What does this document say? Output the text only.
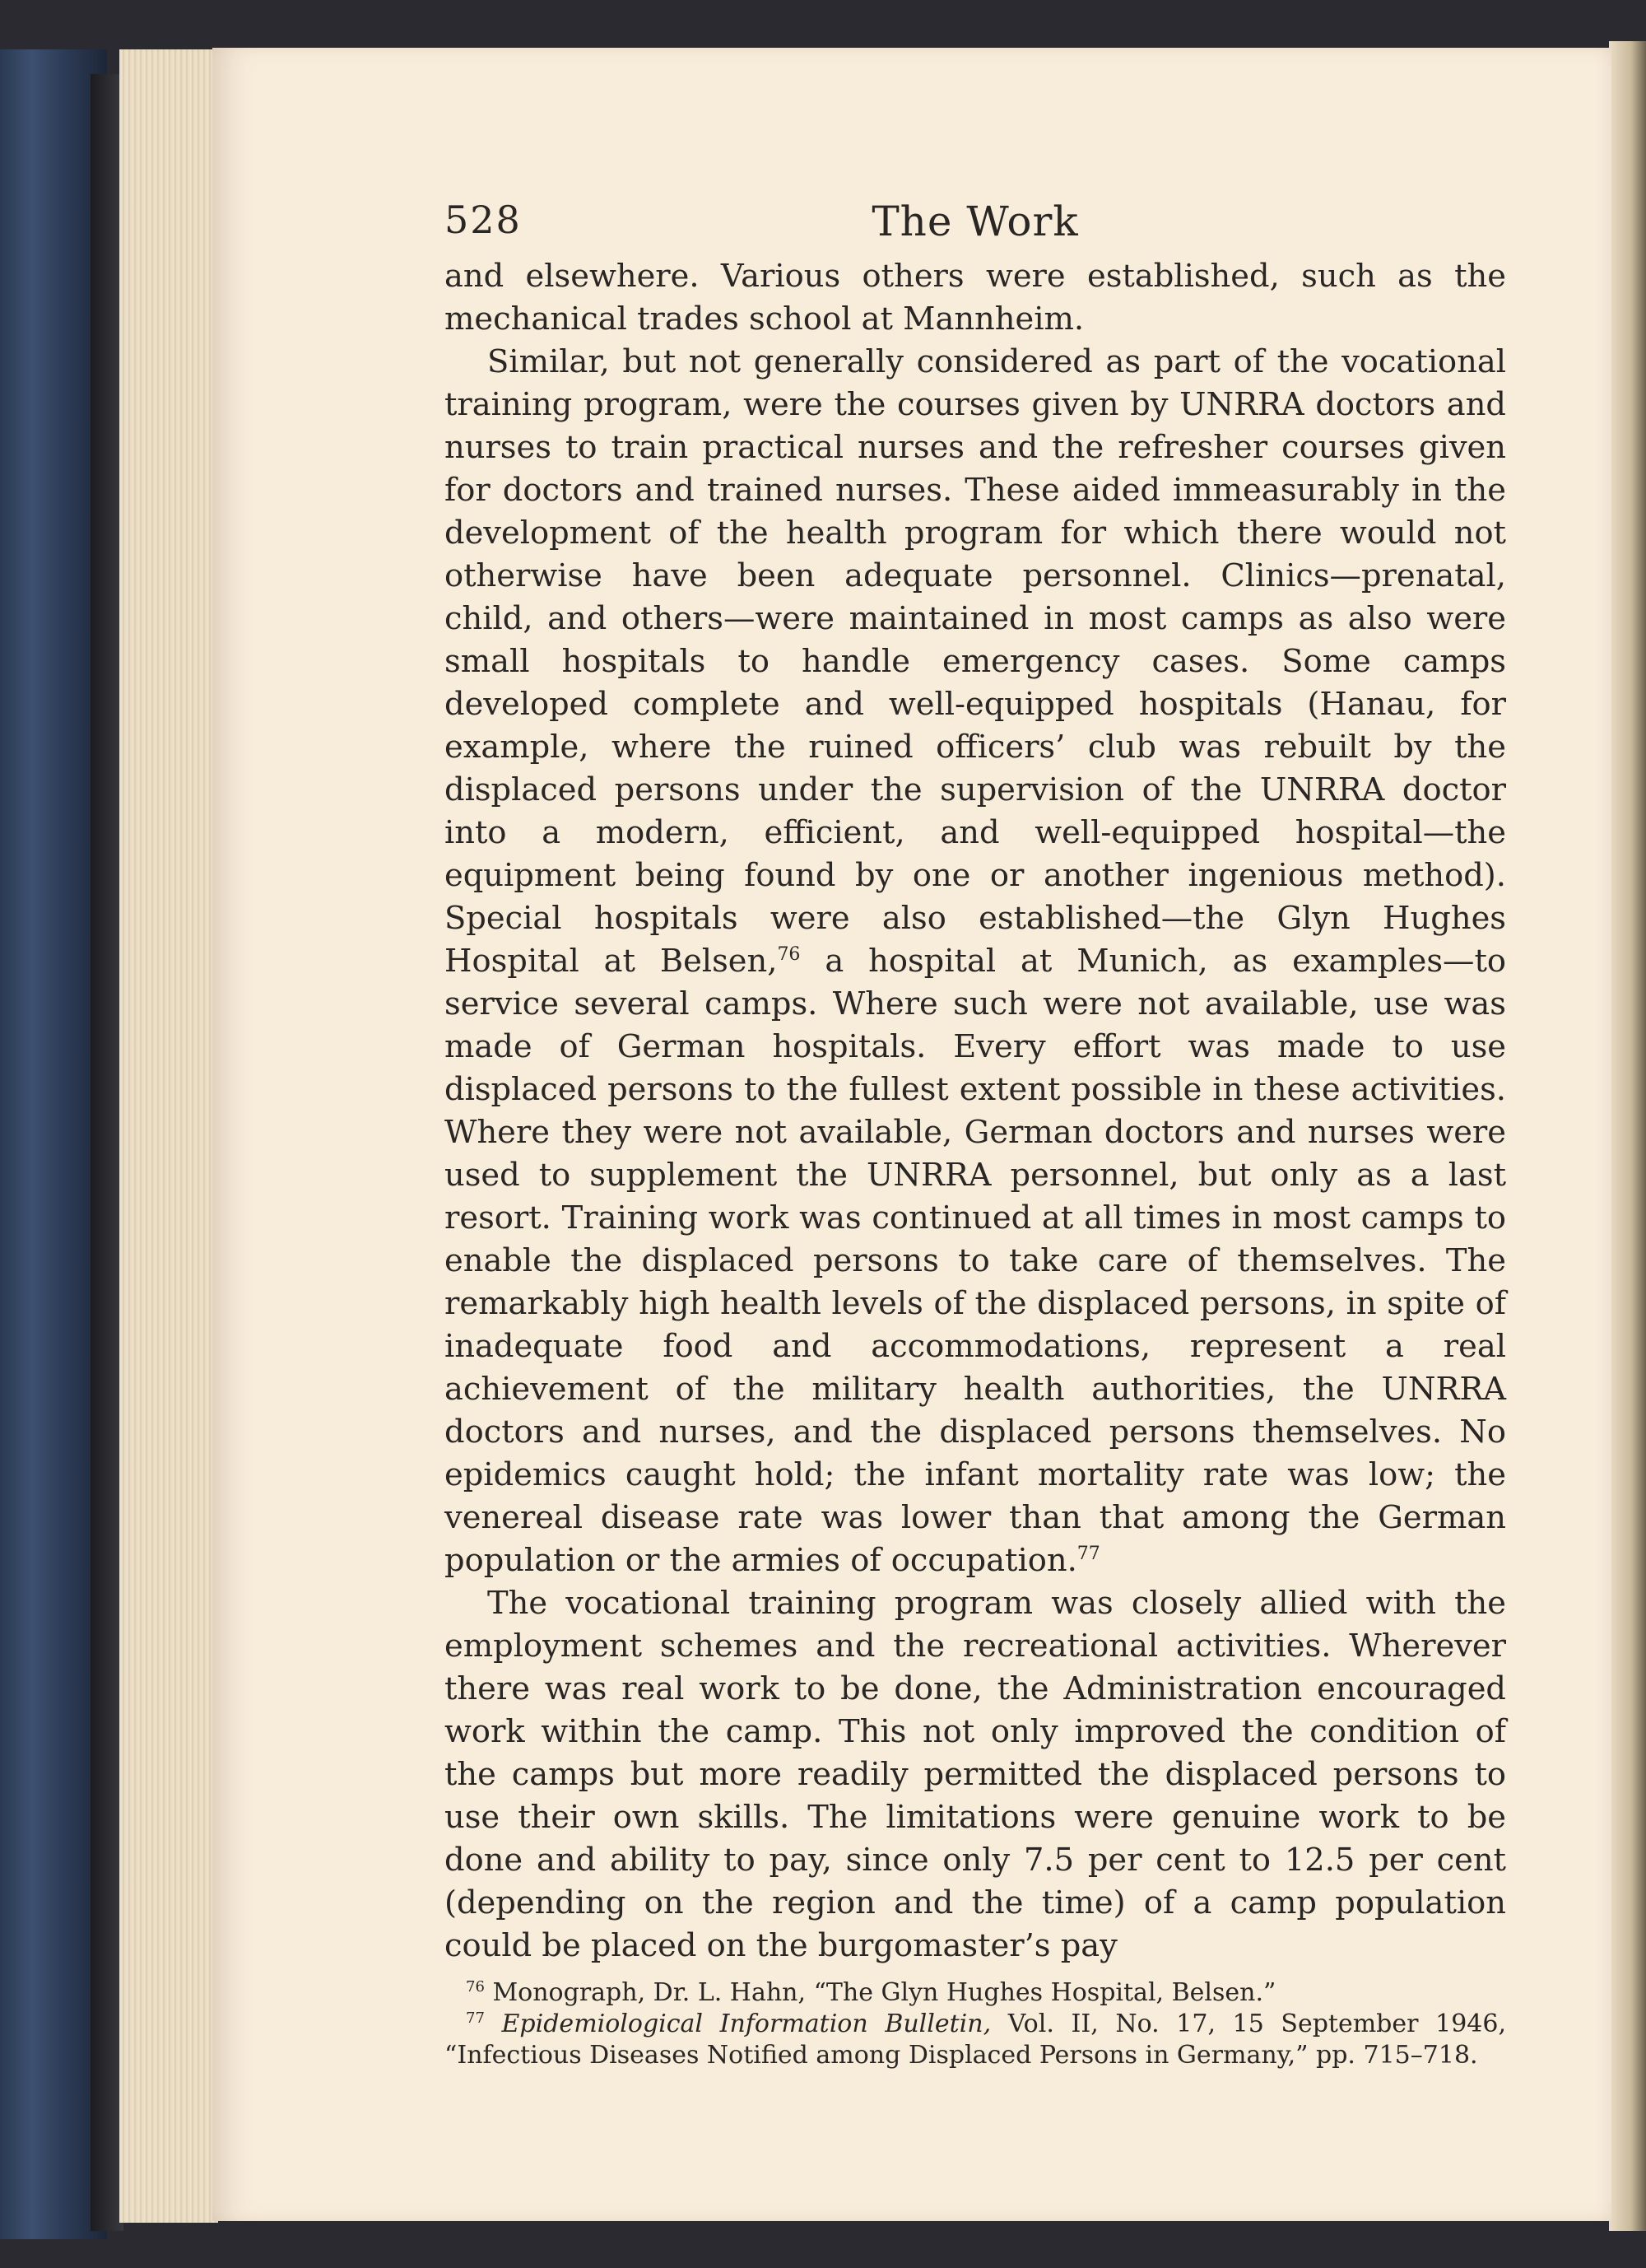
528	The Work

and elsewhere. Various others were established, such as the mechanical trades school at Mannheim.

Similar, but not generally considered as part of the vocational training program, were the courses given by UNRRA doctors and nurses to train practical nurses and the refresher courses given for doctors and trained nurses. These aided immeasurably in the development of the health program for which there would not otherwise have been adequate personnel. Clinics—prenatal, child, and others—were maintained in most camps as also were small hospitals to handle emergency cases. Some camps developed complete and well-equipped hospitals (Hanau, for example, where the ruined officers’ club was rebuilt by the displaced persons under the supervision of the UNRRA doctor into a modern, efficient, and well-equipped hospital—the equipment being found by one or another ingenious method). Special hospitals were also established—the Glyn Hughes Hospital at Belsen,$^{76}$ a hospital at Munich, as examples—to service several camps. Where such were not available, use was made of German hospitals. Every effort was made to use displaced persons to the fullest extent possible in these activities. Where they were not available, German doctors and nurses were used to supplement the UNRRA personnel, but only as a last resort. Training work was continued at all times in most camps to enable the displaced persons to take care of themselves. The remarkably high health levels of the displaced persons, in spite of inadequate food and accommodations, represent a real achievement of the military health authorities, the UNRRA doctors and nurses, and the displaced persons themselves. No epidemics caught hold; the infant mortality rate was low; the venereal disease rate was lower than that among the German population or the armies of occupation.$^{77}$

The vocational training program was closely allied with the employment schemes and the recreational activities. Wherever there was real work to be done, the Administration encouraged work within the camp. This not only improved the condition of the camps but more readily permitted the displaced persons to use their own skills. The limitations were genuine work to be done and ability to pay, since only 7.5 per cent to 12.5 per cent (depending on the region and the time) of a camp population could be placed on the burgomaster’s pay

$^{76}$ Monograph, Dr. L. Hahn, “The Glyn Hughes Hospital, Belsen.”

$^{77}$ Epidemiological Information Bulletin, Vol. II, No. 17, 15 September 1946, “Infectious Diseases Notified among Displaced Persons in Germany,” pp. 715–718.
